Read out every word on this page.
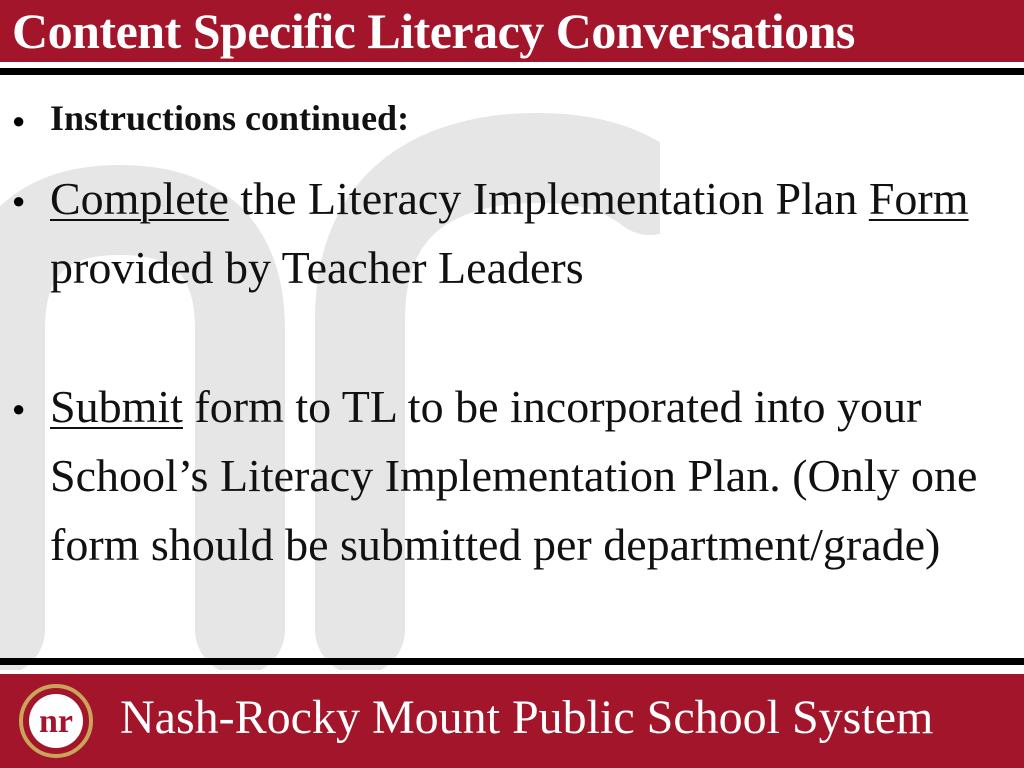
Content Specific Literacy Conversations
● Instructions continued:
● Complete the Literacy Implementation Plan Form provided by Teacher Leaders
● Submit form to TL to be incorporated into your School’s Literacy Implementation Plan. (Only one form should be submitted per department/grade)
nr Nash-Rocky Mount Public School System
